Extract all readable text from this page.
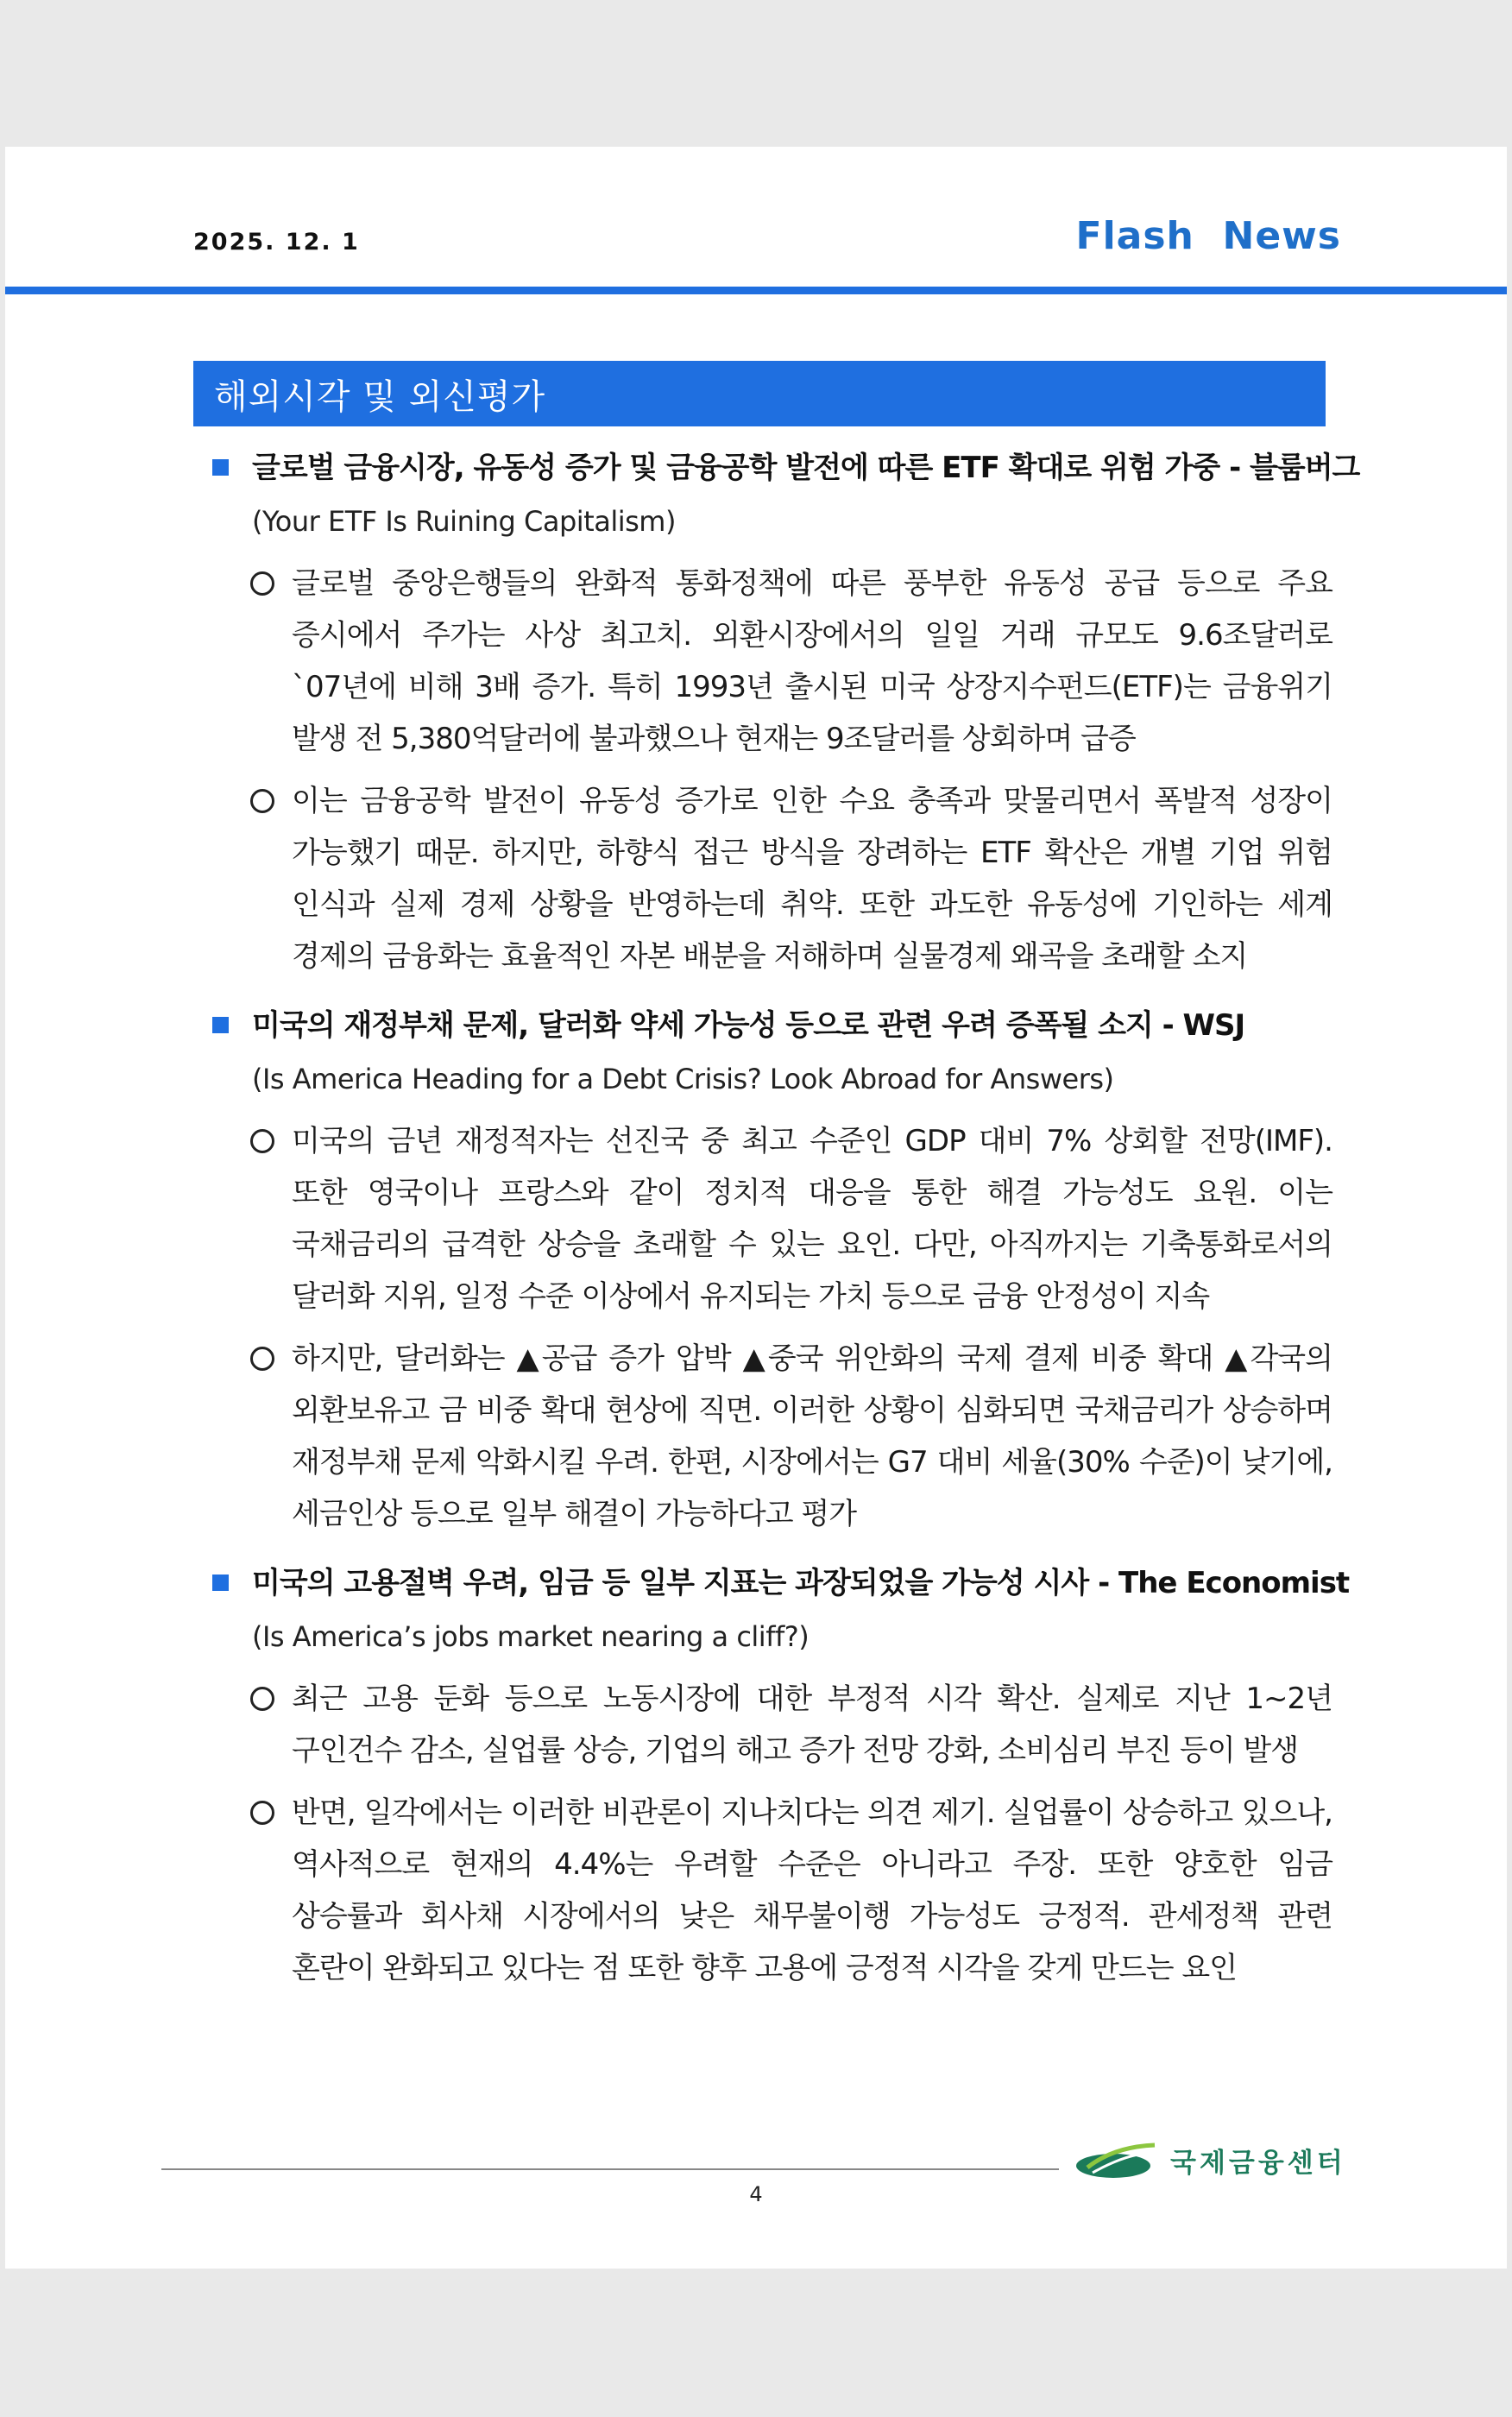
2025. 12. 1	Flash  News
해외시각 및 외신평가
글로벌 금융시장, 유동성 증가 및 금융공학 발전에 따른 ETF 확대로 위험 가중 - 블룸버그
(Your ETF Is Ruining Capitalism)
글로벌 중앙은행들의 완화적 통화정책에 따른 풍부한 유동성 공급 등으로 주요 증시에서 주가는 사상 최고치. 외환시장에서의 일일 거래 규모도 9.6조달러로 `07년에 비해 3배 증가. 특히 1993년 출시된 미국 상장지수펀드(ETF)는 금융위기 발생 전 5,380억달러에 불과했으나 현재는 9조달러를 상회하며 급증
이는 금융공학 발전이 유동성 증가로 인한 수요 충족과 맞물리면서 폭발적 성장이 가능했기 때문. 하지만, 하향식 접근 방식을 장려하는 ETF 확산은 개별 기업 위험 인식과 실제 경제 상황을 반영하는데 취약. 또한 과도한 유동성에 기인하는 세계 경제의 금융화는 효율적인 자본 배분을 저해하며 실물경제 왜곡을 초래할 소지
미국의 재정부채 문제, 달러화 약세 가능성 등으로 관련 우려 증폭될 소지 - WSJ
(Is America Heading for a Debt Crisis? Look Abroad for Answers)
미국의 금년 재정적자는 선진국 중 최고 수준인 GDP 대비 7% 상회할 전망(IMF). 또한 영국이나 프랑스와 같이 정치적 대응을 통한 해결 가능성도 요원. 이는 국채금리의 급격한 상승을 초래할 수 있는 요인. 다만, 아직까지는 기축통화로서의 달러화 지위, 일정 수준 이상에서 유지되는 가치 등으로 금융 안정성이 지속
하지만, 달러화는 ▲공급 증가 압박 ▲중국 위안화의 국제 결제 비중 확대 ▲각국의 외환보유고 금 비중 확대 현상에 직면. 이러한 상황이 심화되면 국채금리가 상승하며 재정부채 문제 악화시킬 우려. 한편, 시장에서는 G7 대비 세율(30% 수준)이 낮기에, 세금인상 등으로 일부 해결이 가능하다고 평가
미국의 고용절벽 우려, 임금 등 일부 지표는 과장되었을 가능성 시사 - The Economist
(Is America’s jobs market nearing a cliff?)
최근 고용 둔화 등으로 노동시장에 대한 부정적 시각 확산. 실제로 지난 1~2년 구인건수 감소, 실업률 상승, 기업의 해고 증가 전망 강화, 소비심리 부진 등이 발생
반면, 일각에서는 이러한 비관론이 지나치다는 의견 제기. 실업률이 상승하고 있으나, 역사적으로 현재의 4.4%는 우려할 수준은 아니라고 주장. 또한 양호한 임금 상승률과 회사채 시장에서의 낮은 채무불이행 가능성도 긍정적. 관세정책 관련 혼란이 완화되고 있다는 점 또한 향후 고용에 긍정적 시각을 갖게 만드는 요인
국제금융센터
4
